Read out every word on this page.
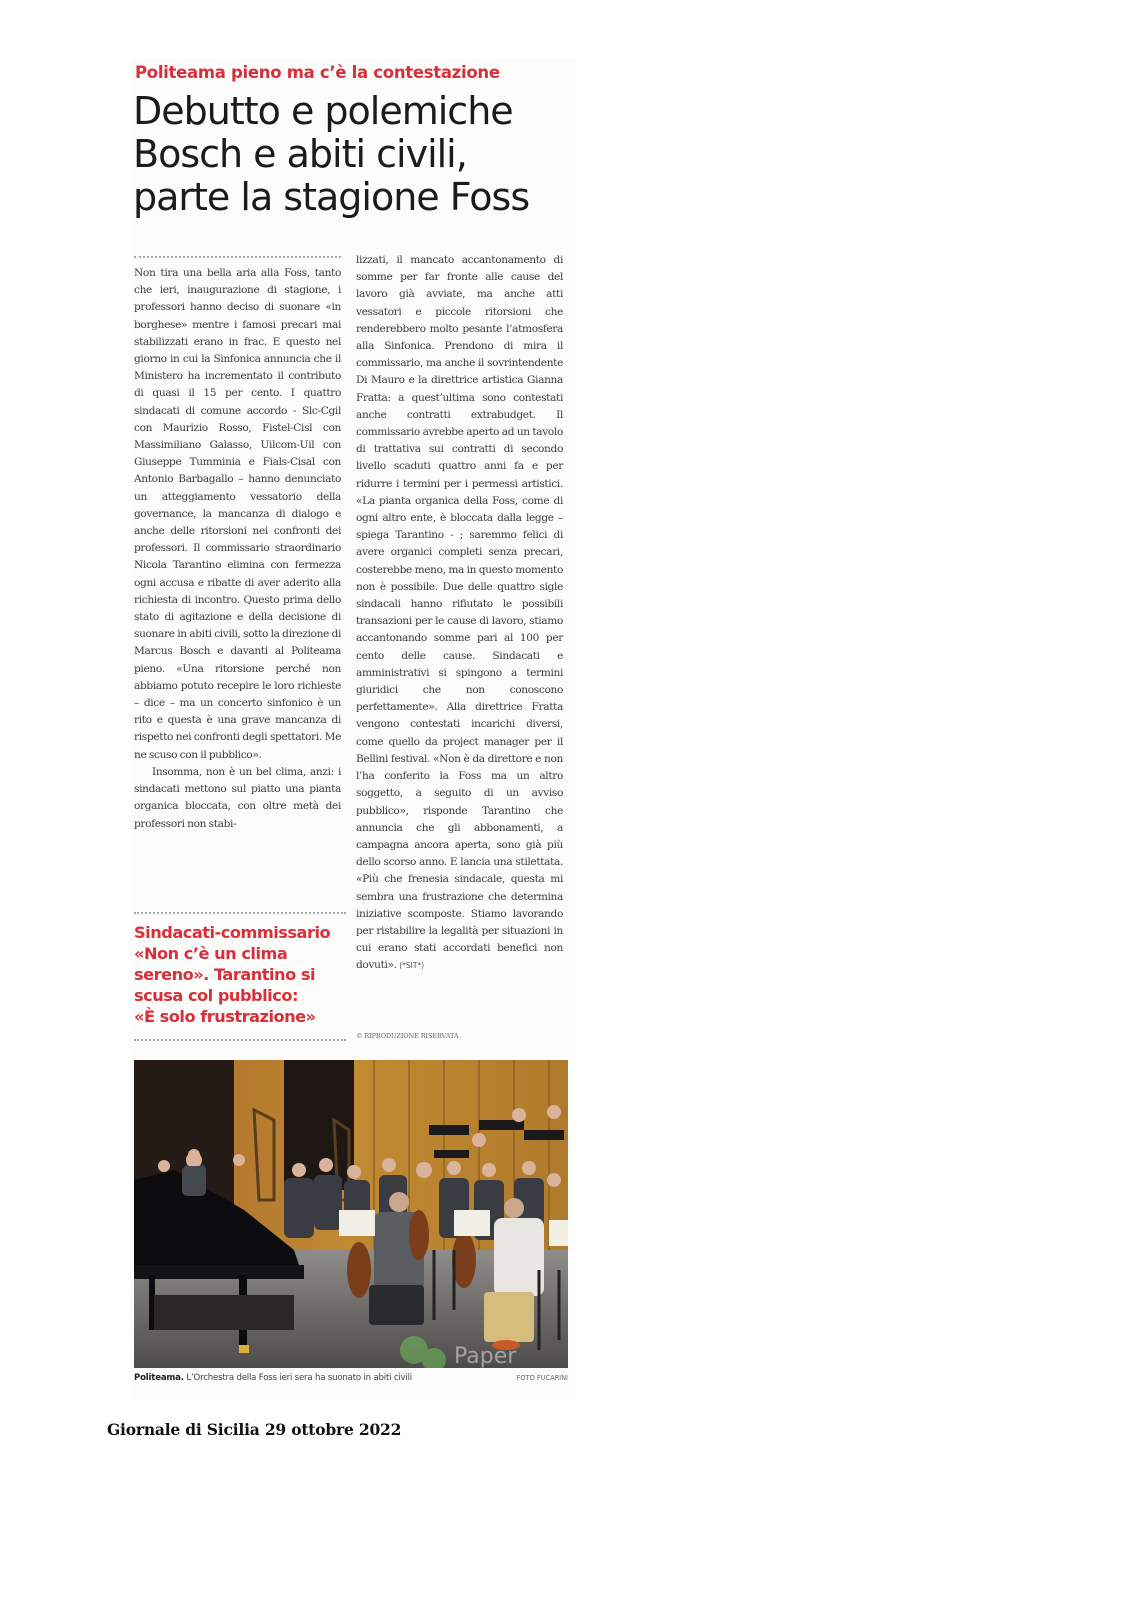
Politeama pieno ma c’è la contestazione
Debutto e polemiche
Bosch e abiti civili,
parte la stagione Foss

Non tira una bella aria alla Foss, tanto che ieri, inaugurazione di stagione, i professori hanno deciso di suonare «in borghese» mentre i famosi precari mai stabilizzati erano in frac. E questo nel giorno in cui la Sinfonica annuncia che il Ministero ha incrementato il contributo di quasi il 15 per cento. I quattro sindacati di comune accordo - Slc-Cgil con Maurizio Rosso, Fistel-Cisl con Massimiliano Galasso, Uilcom-Uil con Giuseppe Tumminia e Fials-Cisal con Antonio Barbagallo – hanno denunciato un atteggiamento vessatorio della governance, la mancanza di dialogo e anche delle ritorsioni nei confronti dei professori. Il commissario straordinario Nicola Tarantino elimina con fermezza ogni accusa e ribatte di aver aderito alla richiesta di incontro. Questo prima dello stato di agitazione e della decisione di suonare in abiti civili, sotto la direzione di Marcus Bosch e davanti al Politeama pieno. «Una ritorsione perché non abbiamo potuto recepire le loro richieste – dice – ma un concerto sinfonico è un rito e questa è una grave mancanza di rispetto nei confronti degli spettatori. Me ne scuso con il pubblico».

Insomma, non è un bel clima, anzi: i sindacati mettono sul piatto una pianta organica bloccata, con oltre metà dei professori non stabi-

Sindacati-commissario
«Non c’è un clima
sereno». Tarantino si
scusa col pubblico:
«È solo frustrazione»

lizzati, il mancato accantonamento di somme per far fronte alle cause del lavoro già avviate, ma anche atti vessatori e piccole ritorsioni che renderebbero molto pesante l’atmosfera alla Sinfonica. Prendono di mira il commissario, ma anche il sovrintendente Di Mauro e la direttrice artistica Gianna Fratta: a quest’ultima sono contestati anche contratti extrabudget. Il commissario avrebbe aperto ad un tavolo di trattativa sui contratti di secondo livello scaduti quattro anni fa e per ridurre i termini per i permessi artistici. «La pianta organica della Foss, come di ogni altro ente, è bloccata dalla legge – spiega Tarantino - ; saremmo felici di avere organici completi senza precari, costerebbe meno, ma in questo momento non è possibile. Due delle quattro sigle sindacali hanno rifiutato le possibili transazioni per le cause di lavoro, stiamo accantonando somme pari al 100 per cento delle cause. Sindacati e amministrativi si spingono a termini giuridici che non conoscono perfettamente». Alla direttrice Fratta vengono contestati incarichi diversi, come quello da project manager per il Bellini festival. «Non è da direttore e non l’ha conferito la Foss ma un altro soggetto, a seguito di un avviso pubblico», risponde Tarantino che annuncia che gli abbonamenti, a campagna ancora aperta, sono già più dello scorso anno. E lancia una stilettata. «Più che frenesia sindacale, questa mi sembra una frustrazione che determina iniziative scomposte. Stiamo lavorando per ristabilire la legalità per situazioni in cui erano stati accordati benefici non dovuti». (*SIT*)

© RIPRODUZIONE RISERVATA
Paper
Politeama. L’Orchestra della Foss ieri sera ha suonato in abiti civili	FOTO FUCARINI
Giornale di Sicilia 29 ottobre 2022
